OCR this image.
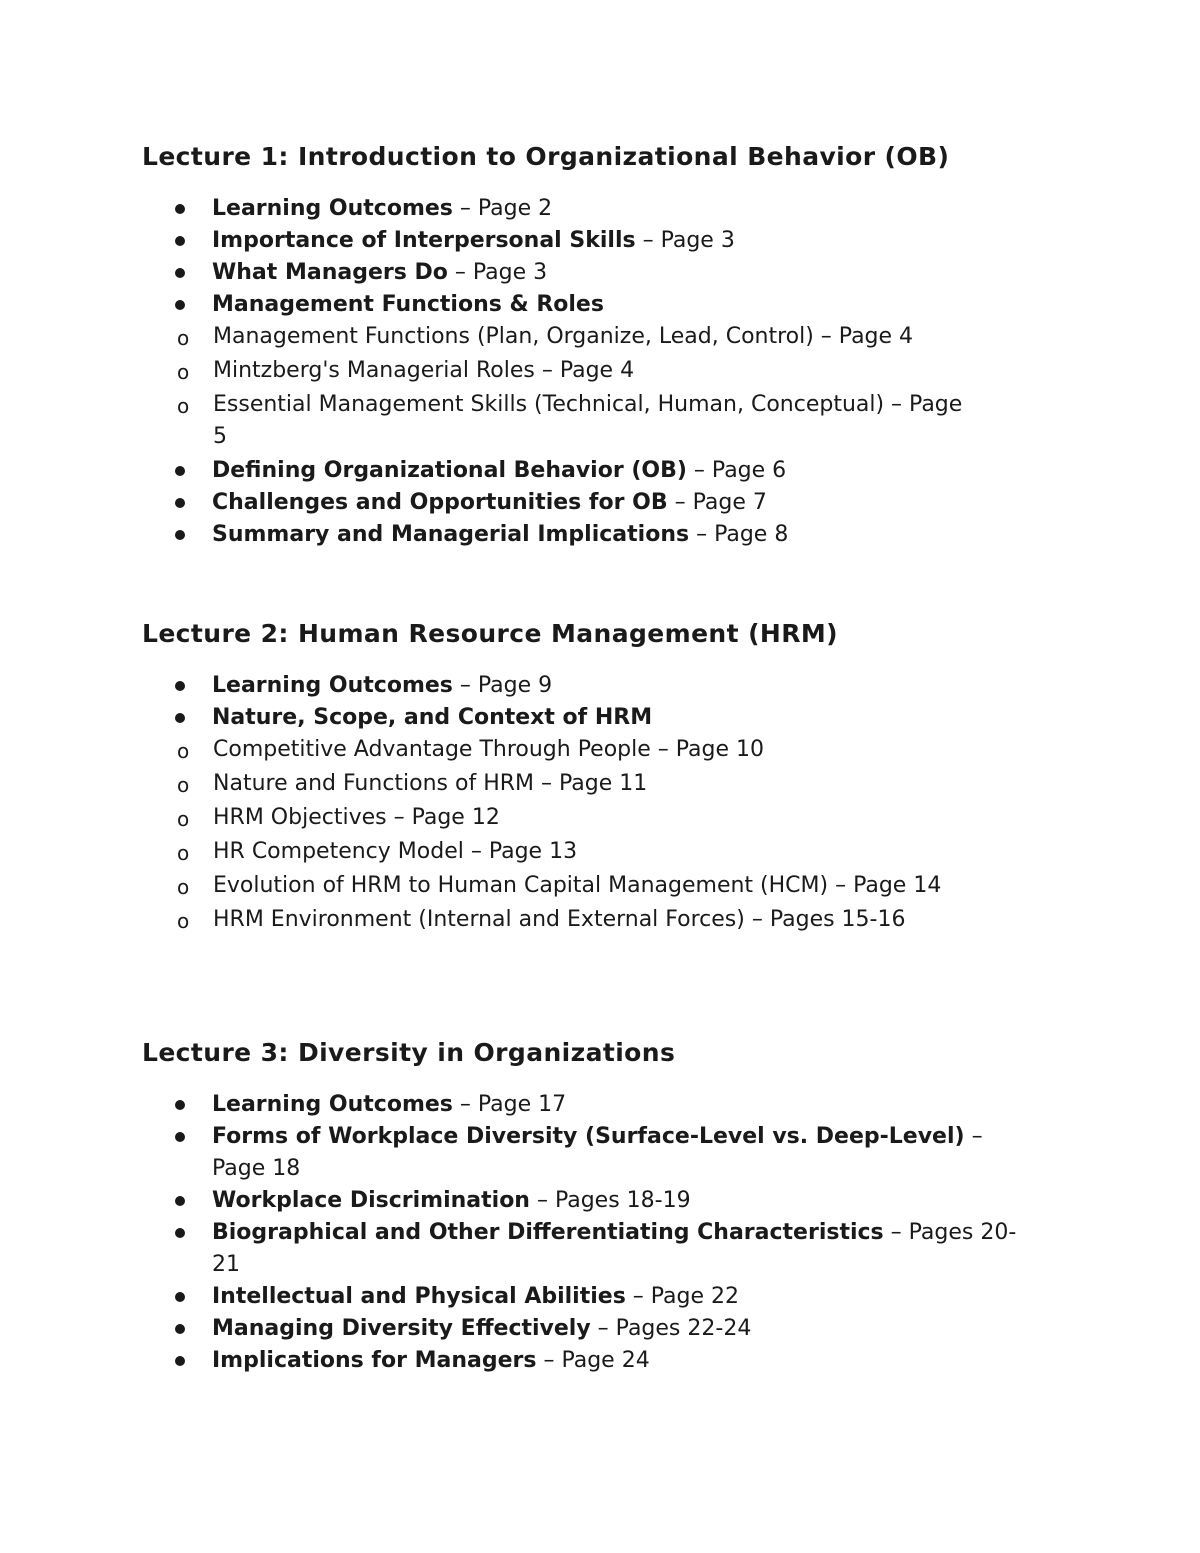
Lecture 1: Introduction to Organizational Behavior (OB)
Learning Outcomes – Page 2
Importance of Interpersonal Skills – Page 3
What Managers Do – Page 3
Management Functions & Roles
o Management Functions (Plan, Organize, Lead, Control) – Page 4
o Mintzberg's Managerial Roles – Page 4
o Essential Management Skills (Technical, Human, Conceptual) – Page 5
Defining Organizational Behavior (OB) – Page 6
Challenges and Opportunities for OB – Page 7
Summary and Managerial Implications – Page 8
Lecture 2: Human Resource Management (HRM)
Learning Outcomes – Page 9
Nature, Scope, and Context of HRM
o Competitive Advantage Through People – Page 10
o Nature and Functions of HRM – Page 11
o HRM Objectives – Page 12
o HR Competency Model – Page 13
o Evolution of HRM to Human Capital Management (HCM) – Page 14
o HRM Environment (Internal and External Forces) – Pages 15-16
Lecture 3: Diversity in Organizations
Learning Outcomes – Page 17
Forms of Workplace Diversity (Surface-Level vs. Deep-Level) – Page 18
Workplace Discrimination – Pages 18-19
Biographical and Other Differentiating Characteristics – Pages 20-21
Intellectual and Physical Abilities – Page 22
Managing Diversity Effectively – Pages 22-24
Implications for Managers – Page 24
